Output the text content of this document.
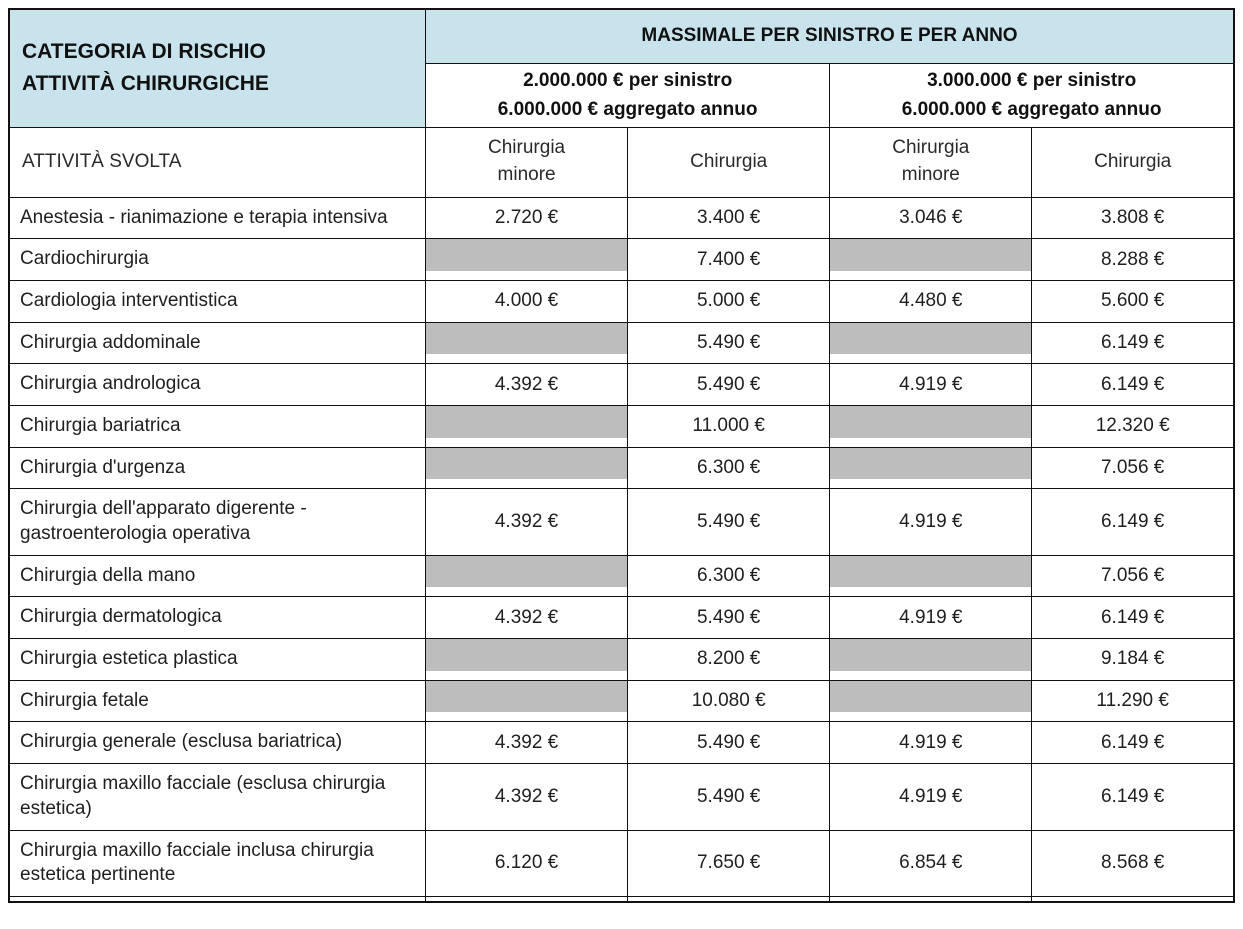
CATEGORIA DI RISCHIO
ATTIVITÀ CHIRURGICHE	MASSIMALE PER SINISTRO E PER ANNO			

2.000.000 € per sinistro
6.000.000 € aggregato annuo

3.000.000 € per sinistro
6.000.000 € aggregato annuo

ATTIVITÀ SVOLTA	Chirurgia minore	Chirurgia	Chirurgia minore	Chirurgia
Anestesia - rianimazione e terapia intensiva	2.720 €	3.400 €	3.046 €	3.808 €
Cardiochirurgia		7.400 €		8.288 €
Cardiologia interventistica	4.000 €	5.000 €	4.480 €	5.600 €
Chirurgia addominale		5.490 €		6.149 €
Chirurgia andrologica	4.392 €	5.490 €	4.919 €	6.149 €
Chirurgia bariatrica		11.000 €		12.320 €
Chirurgia d'urgenza		6.300 €		7.056 €
Chirurgia dell'apparato digerente - gastroenterologia operativa	4.392 €	5.490 €	4.919 €	6.149 €
Chirurgia della mano		6.300 €		7.056 €
Chirurgia dermatologica	4.392 €	5.490 €	4.919 €	6.149 €
Chirurgia estetica plastica		8.200 €		9.184 €
Chirurgia fetale		10.080 €		11.290 €
Chirurgia generale (esclusa bariatrica)	4.392 €	5.490 €	4.919 €	6.149 €
Chirurgia maxillo facciale (esclusa chirurgia estetica)	4.392 €	5.490 €	4.919 €	6.149 €
Chirurgia maxillo facciale inclusa chirurgia estetica pertinente	6.120 €	7.650 €	6.854 €	8.568 €
